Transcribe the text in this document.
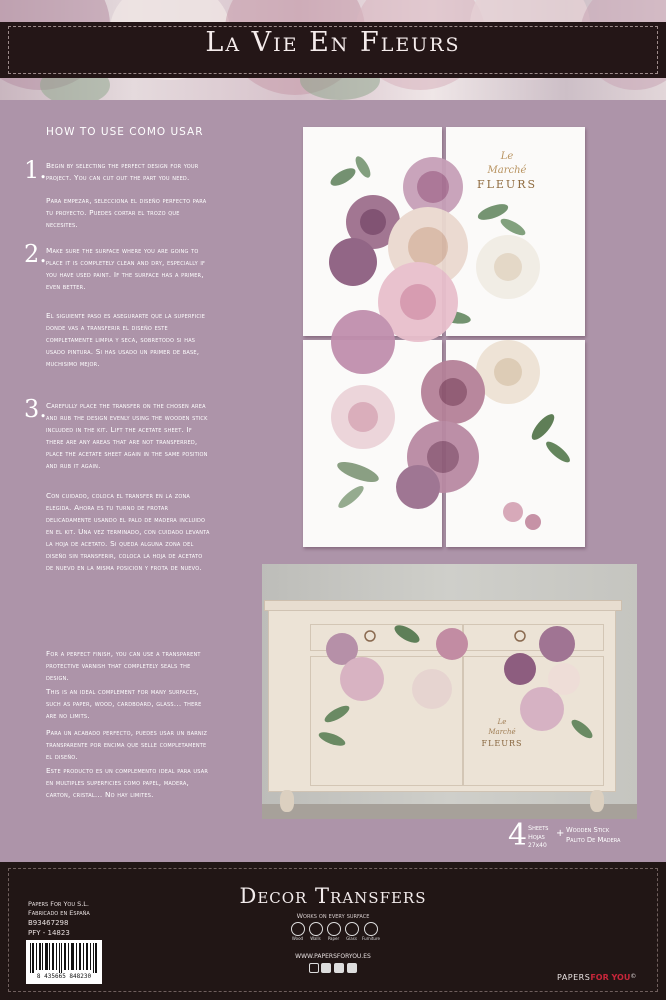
La Vie En Fleurs
HOW TO USE COMO USAR
1. Begin by selecting the perfect design for your project. You can cut out the part you need.
Para empezar, selecciona el diseño perfecto para tu proyecto. Puedes cortar el trozo que necesites.
2. Make sure the surface where you are going to place it is completely clean and dry, especially if you have used paint. If the surface has a primer, even better.
El siguiente paso es asegurarte que la superficie donde vas a transferir el diseño este completamente limpia y seca, sobretodo si has usado pintura. Si has usado un primer de base, muchisimo mejor.
3. Carefully place the transfer on the chosen area and rub the design evenly using the wooden stick included in the kit. Lift the acetate sheet. If there are any areas that are not transferred, place the acetate sheet again in the same position and rub it again.
Con cuidado, coloca el transfer en la zona elegida. Ahora es tu turno de frotar delicadamente usando el palo de madera incluido en el kit. Una vez terminado, con cuidado levanta la hoja de acetato. Si queda alguna zona del diseño sin transferir, coloca la hoja de acetato de nuevo en la misma posicion y frota de nuevo.
For a perfect finish, you can use a transparent protective varnish that completely seals the design.
This is an ideal complement for many surfaces, such as paper, wood, cardboard, glass... there are no limits.
Para un acabado perfecto, puedes usar un barniz transparente por encima que selle completamente el diseño.
Este producto es un complemento ideal para usar en multiples superficies como papel, madera, carton, cristal... No hay limites.
Le
Marché
FLEURS
Le
Marché
FLEURS
4 Sheets
Hojas
27x40
+ Wooden Stick
Palito De Madera
Papers For You S.L.
Fabricado en España
B93467298
PFY - 14823
8 435665 848230
Decor Transfers
Works on every surface
Wood	Walls	Paper	Glass	Furniture
WWW.PAPERSFORYOU.ES
PAPERSFOR YOU©
